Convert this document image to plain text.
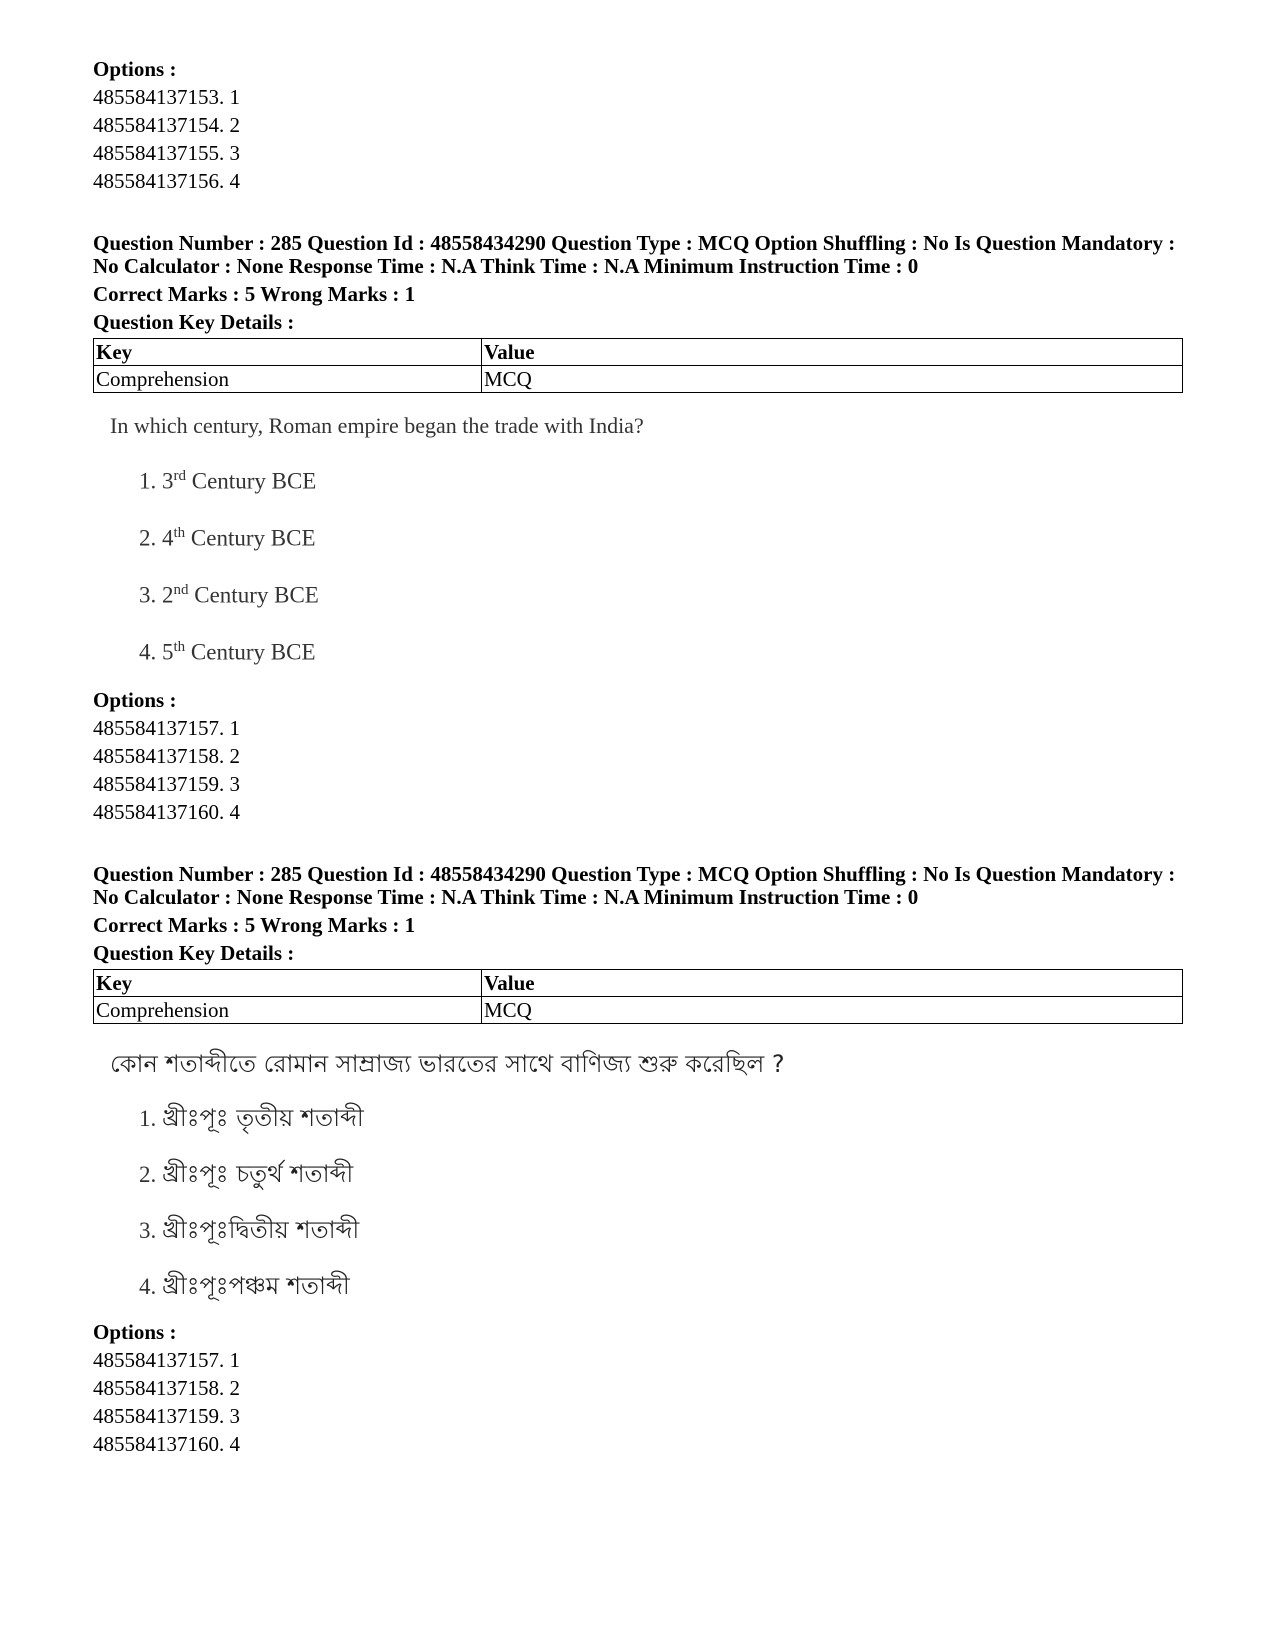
Options :
485584137153. 1
485584137154. 2
485584137155. 3
485584137156. 4
Question Number : 285 Question Id : 48558434290 Question Type : MCQ Option Shuffling : No Is Question Mandatory :
No Calculator : None Response Time : N.A Think Time : N.A Minimum Instruction Time : 0
Correct Marks : 5 Wrong Marks : 1
Question Key Details :
Key	Value
Comprehension	MCQ
In which century, Roman empire began the trade with India?
1. 3rd Century BCE
2. 4th Century BCE
3. 2nd Century BCE
4. 5th Century BCE
Options :
485584137157. 1
485584137158. 2
485584137159. 3
485584137160. 4
Question Number : 285 Question Id : 48558434290 Question Type : MCQ Option Shuffling : No Is Question Mandatory :
No Calculator : None Response Time : N.A Think Time : N.A Minimum Instruction Time : 0
Correct Marks : 5 Wrong Marks : 1
Question Key Details :
Key	Value
Comprehension	MCQ
কোন শতাব্দীতে রোমান সাম্রাজ্য ভারতের সাথে বাণিজ্য শুরু করেছিল ?
1. খ্রীঃপূঃ তৃতীয় শতাব্দী
2. খ্রীঃপূঃ চতুর্থ শতাব্দী
3. খ্রীঃপূঃদ্বিতীয় শতাব্দী
4. খ্রীঃপূঃপঞ্চম শতাব্দী
Options :
485584137157. 1
485584137158. 2
485584137159. 3
485584137160. 4
